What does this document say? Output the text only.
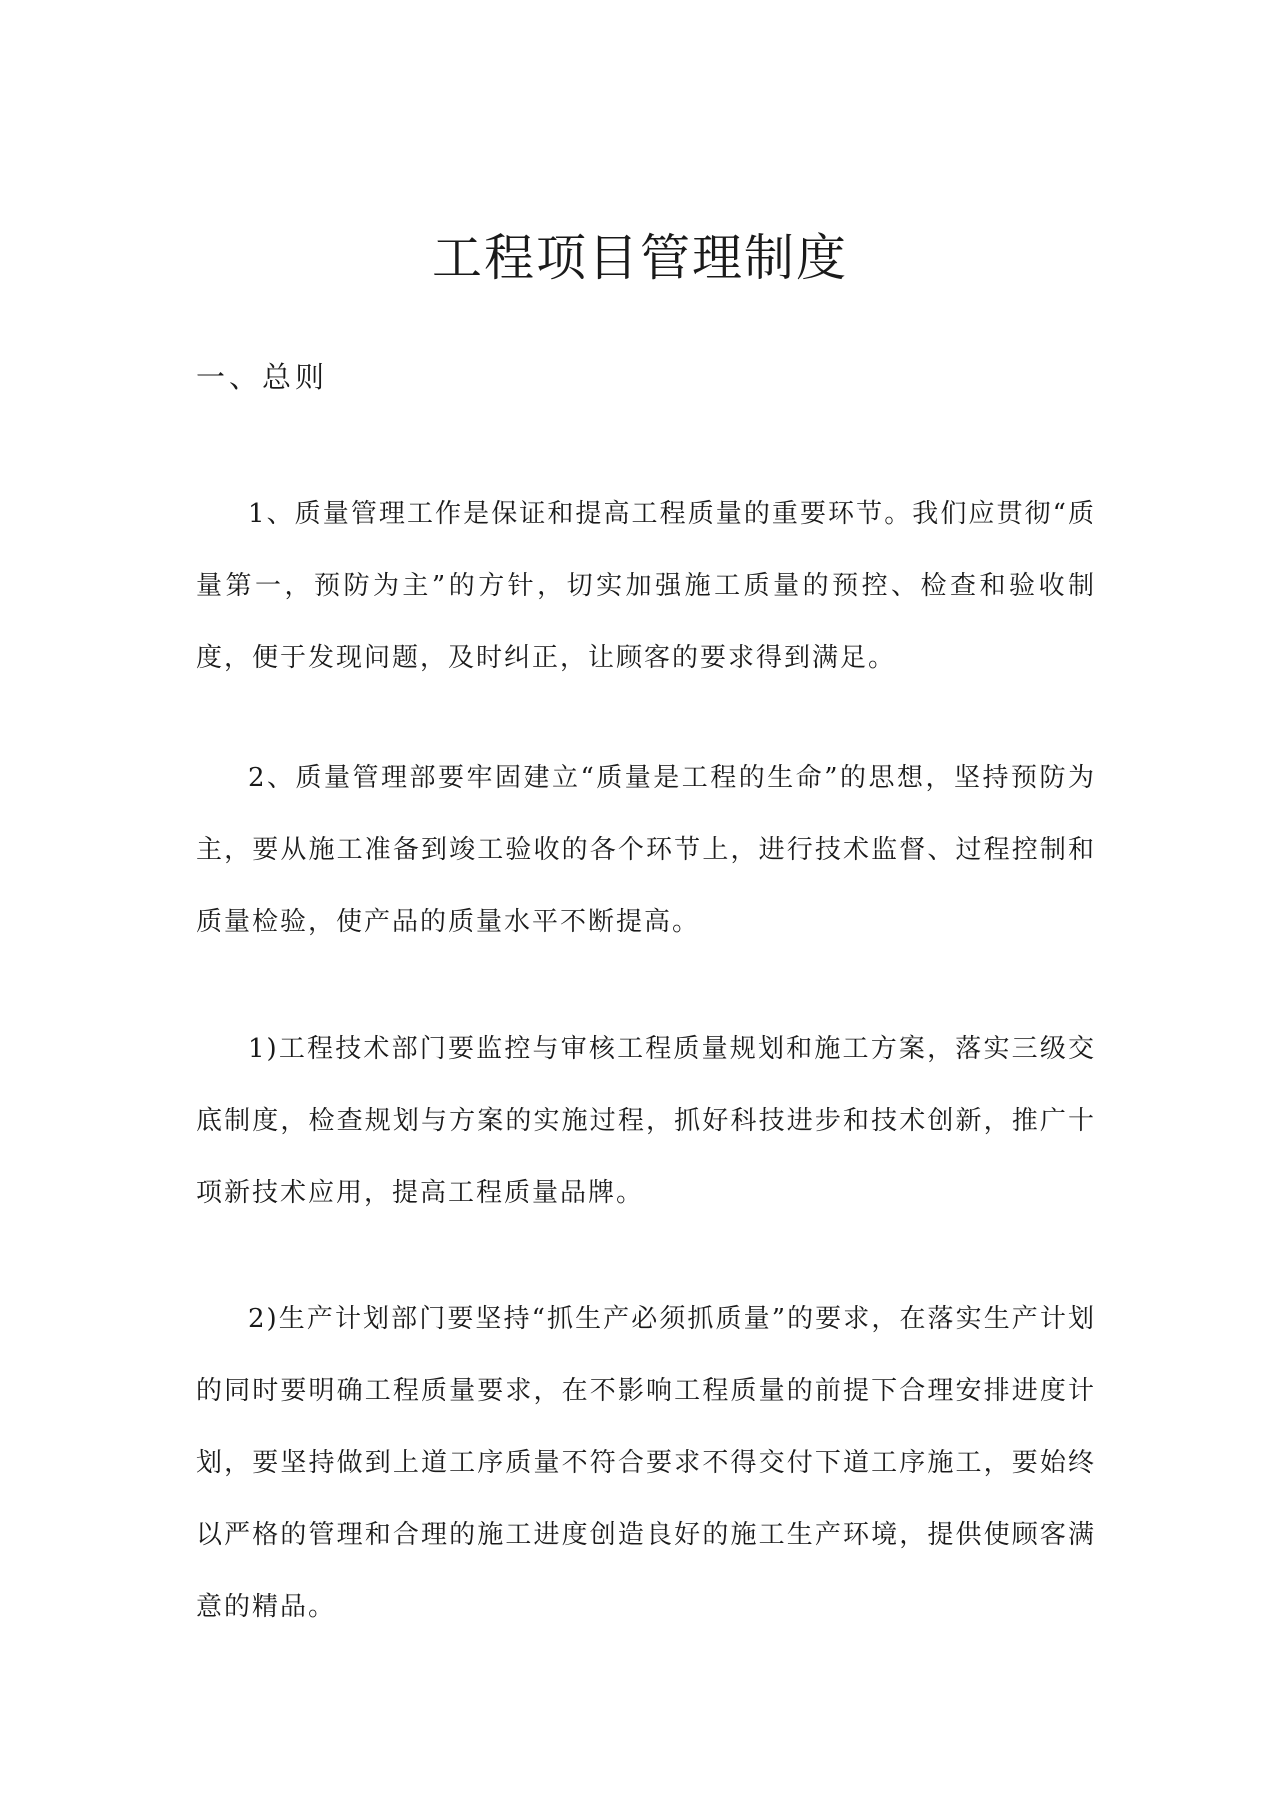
工程项目管理制度
一、总则

1、质量管理工作是保证和提高工程质量的重要环节。我们应贯彻“质量第一，预防为主”的方针，切实加强施工质量的预控、检查和验收制度，便于发现问题，及时纠正，让顾客的要求得到满足。

2、质量管理部要牢固建立“质量是工程的生命”的思想，坚持预防为主，要从施工准备到竣工验收的各个环节上，进行技术监督、过程控制和质量检验，使产品的质量水平不断提高。

1)工程技术部门要监控与审核工程质量规划和施工方案，落实三级交底制度，检查规划与方案的实施过程，抓好科技进步和技术创新，推广十项新技术应用，提高工程质量品牌。

2)生产计划部门要坚持“抓生产必须抓质量”的要求，在落实生产计划的同时要明确工程质量要求，在不影响工程质量的前提下合理安排进度计划，要坚持做到上道工序质量不符合要求不得交付下道工序施工，要始终以严格的管理和合理的施工进度创造良好的施工生产环境，提供使顾客满意的精品。
